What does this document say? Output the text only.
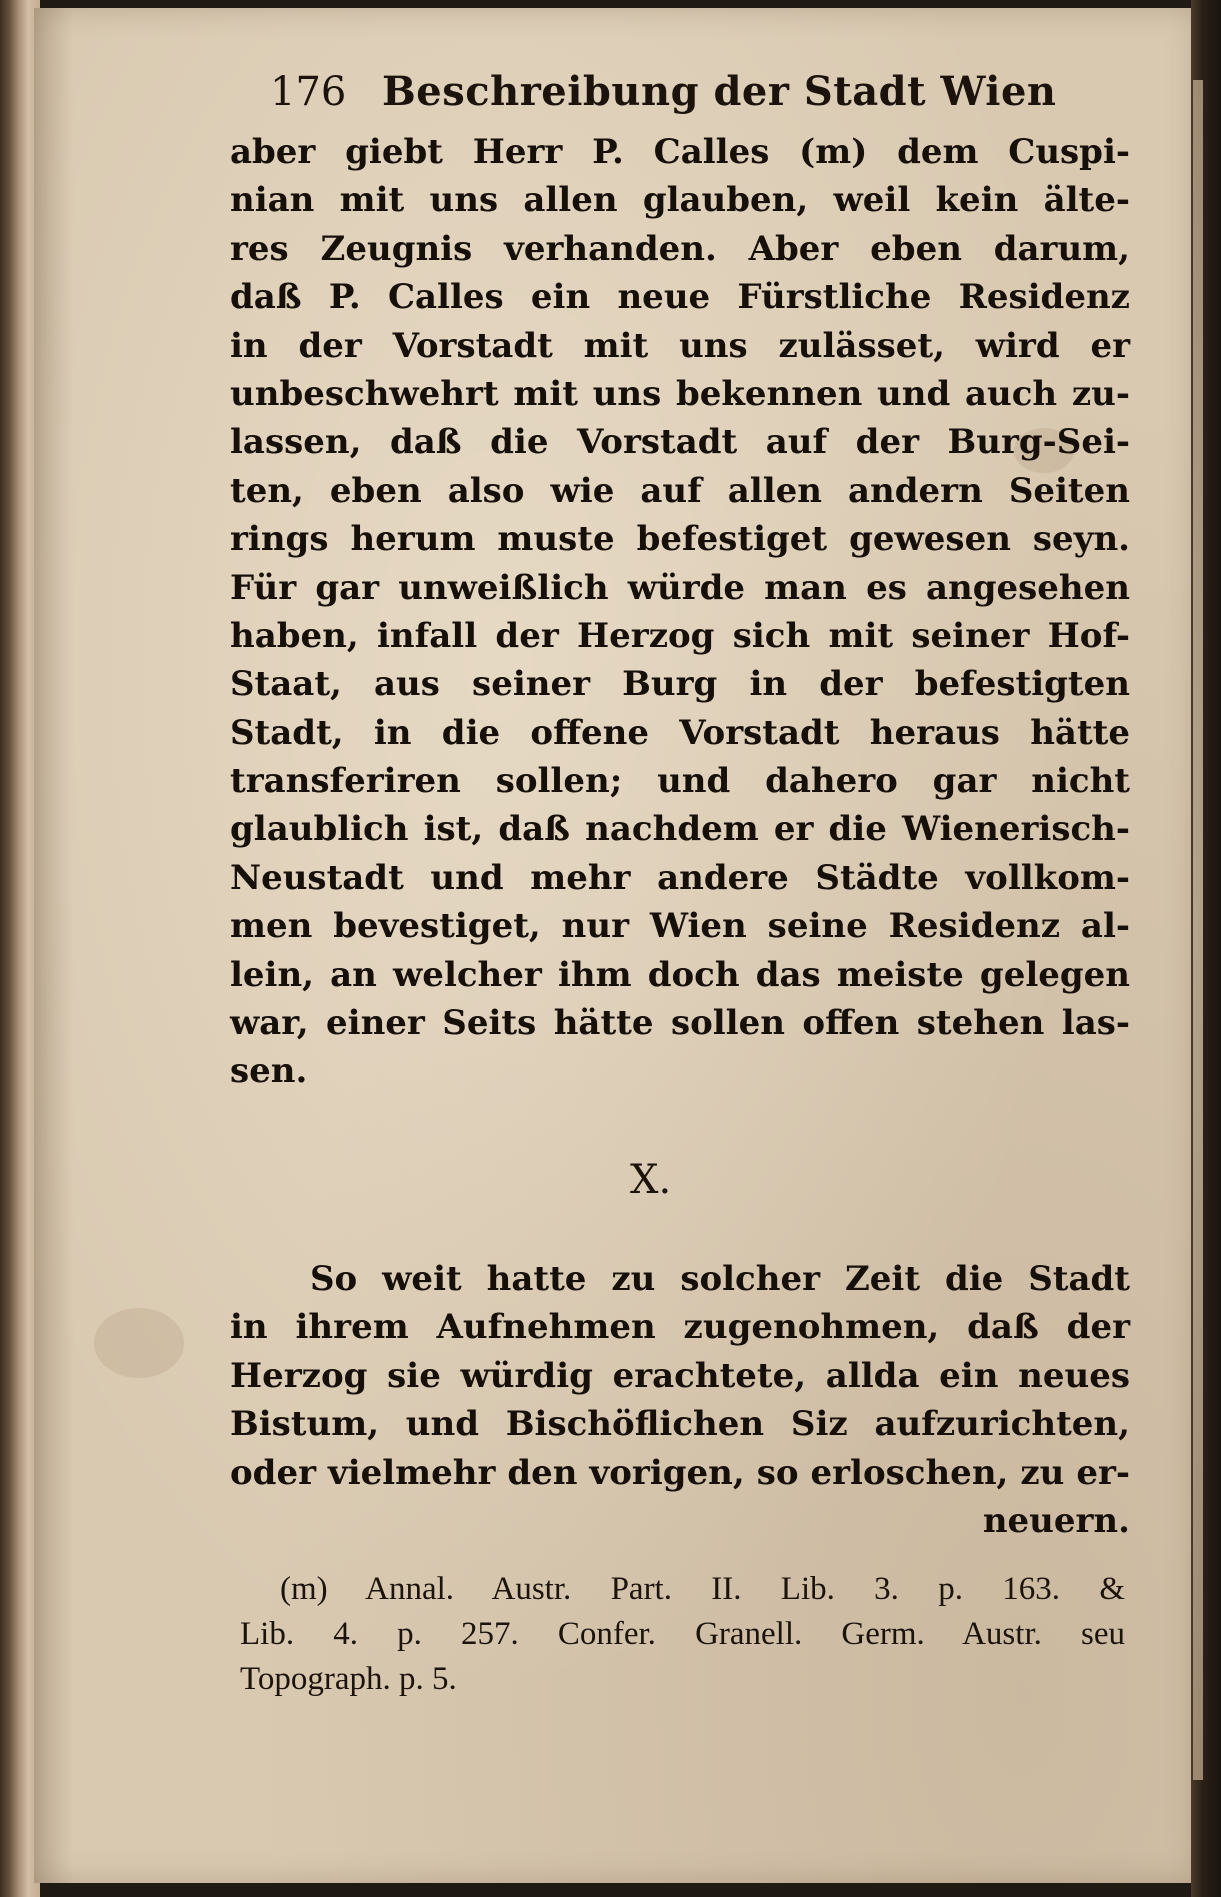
176 Beschreibung der Stadt Wien
aber giebt Herr P. Calles (m) dem Cuspi-
nian mit uns allen glauben, weil kein älte-
res Zeugnis verhanden. Aber eben darum,
daß P. Calles ein neue Fürstliche Residenz
in der Vorstadt mit uns zulässet, wird er
unbeschwehrt mit uns bekennen und auch zu-
lassen, daß die Vorstadt auf der Burg-Sei-
ten, eben also wie auf allen andern Seiten
rings herum muste befestiget gewesen seyn.
Für gar unweißlich würde man es angesehen
haben, infall der Herzog sich mit seiner Hof-
Staat, aus seiner Burg in der befestigten
Stadt, in die offene Vorstadt heraus hätte
transferiren sollen; und dahero gar nicht
glaublich ist, daß nachdem er die Wienerisch-
Neustadt und mehr andere Städte vollkom-
men bevestiget, nur Wien seine Residenz al-
lein, an welcher ihm doch das meiste gelegen
war, einer Seits hätte sollen offen stehen las-
sen.
X.
So weit hatte zu solcher Zeit die Stadt
in ihrem Aufnehmen zugenohmen, daß der
Herzog sie würdig erachtete, allda ein neues
Bistum, und Bischöflichen Siz aufzurichten,
oder vielmehr den vorigen, so erloschen, zu er-
neuern.
(m) Annal. Austr. Part. II. Lib. 3. p. 163. &
Lib. 4. p. 257. Confer. Granell. Germ. Austr. seu
Topograph. p. 5.
